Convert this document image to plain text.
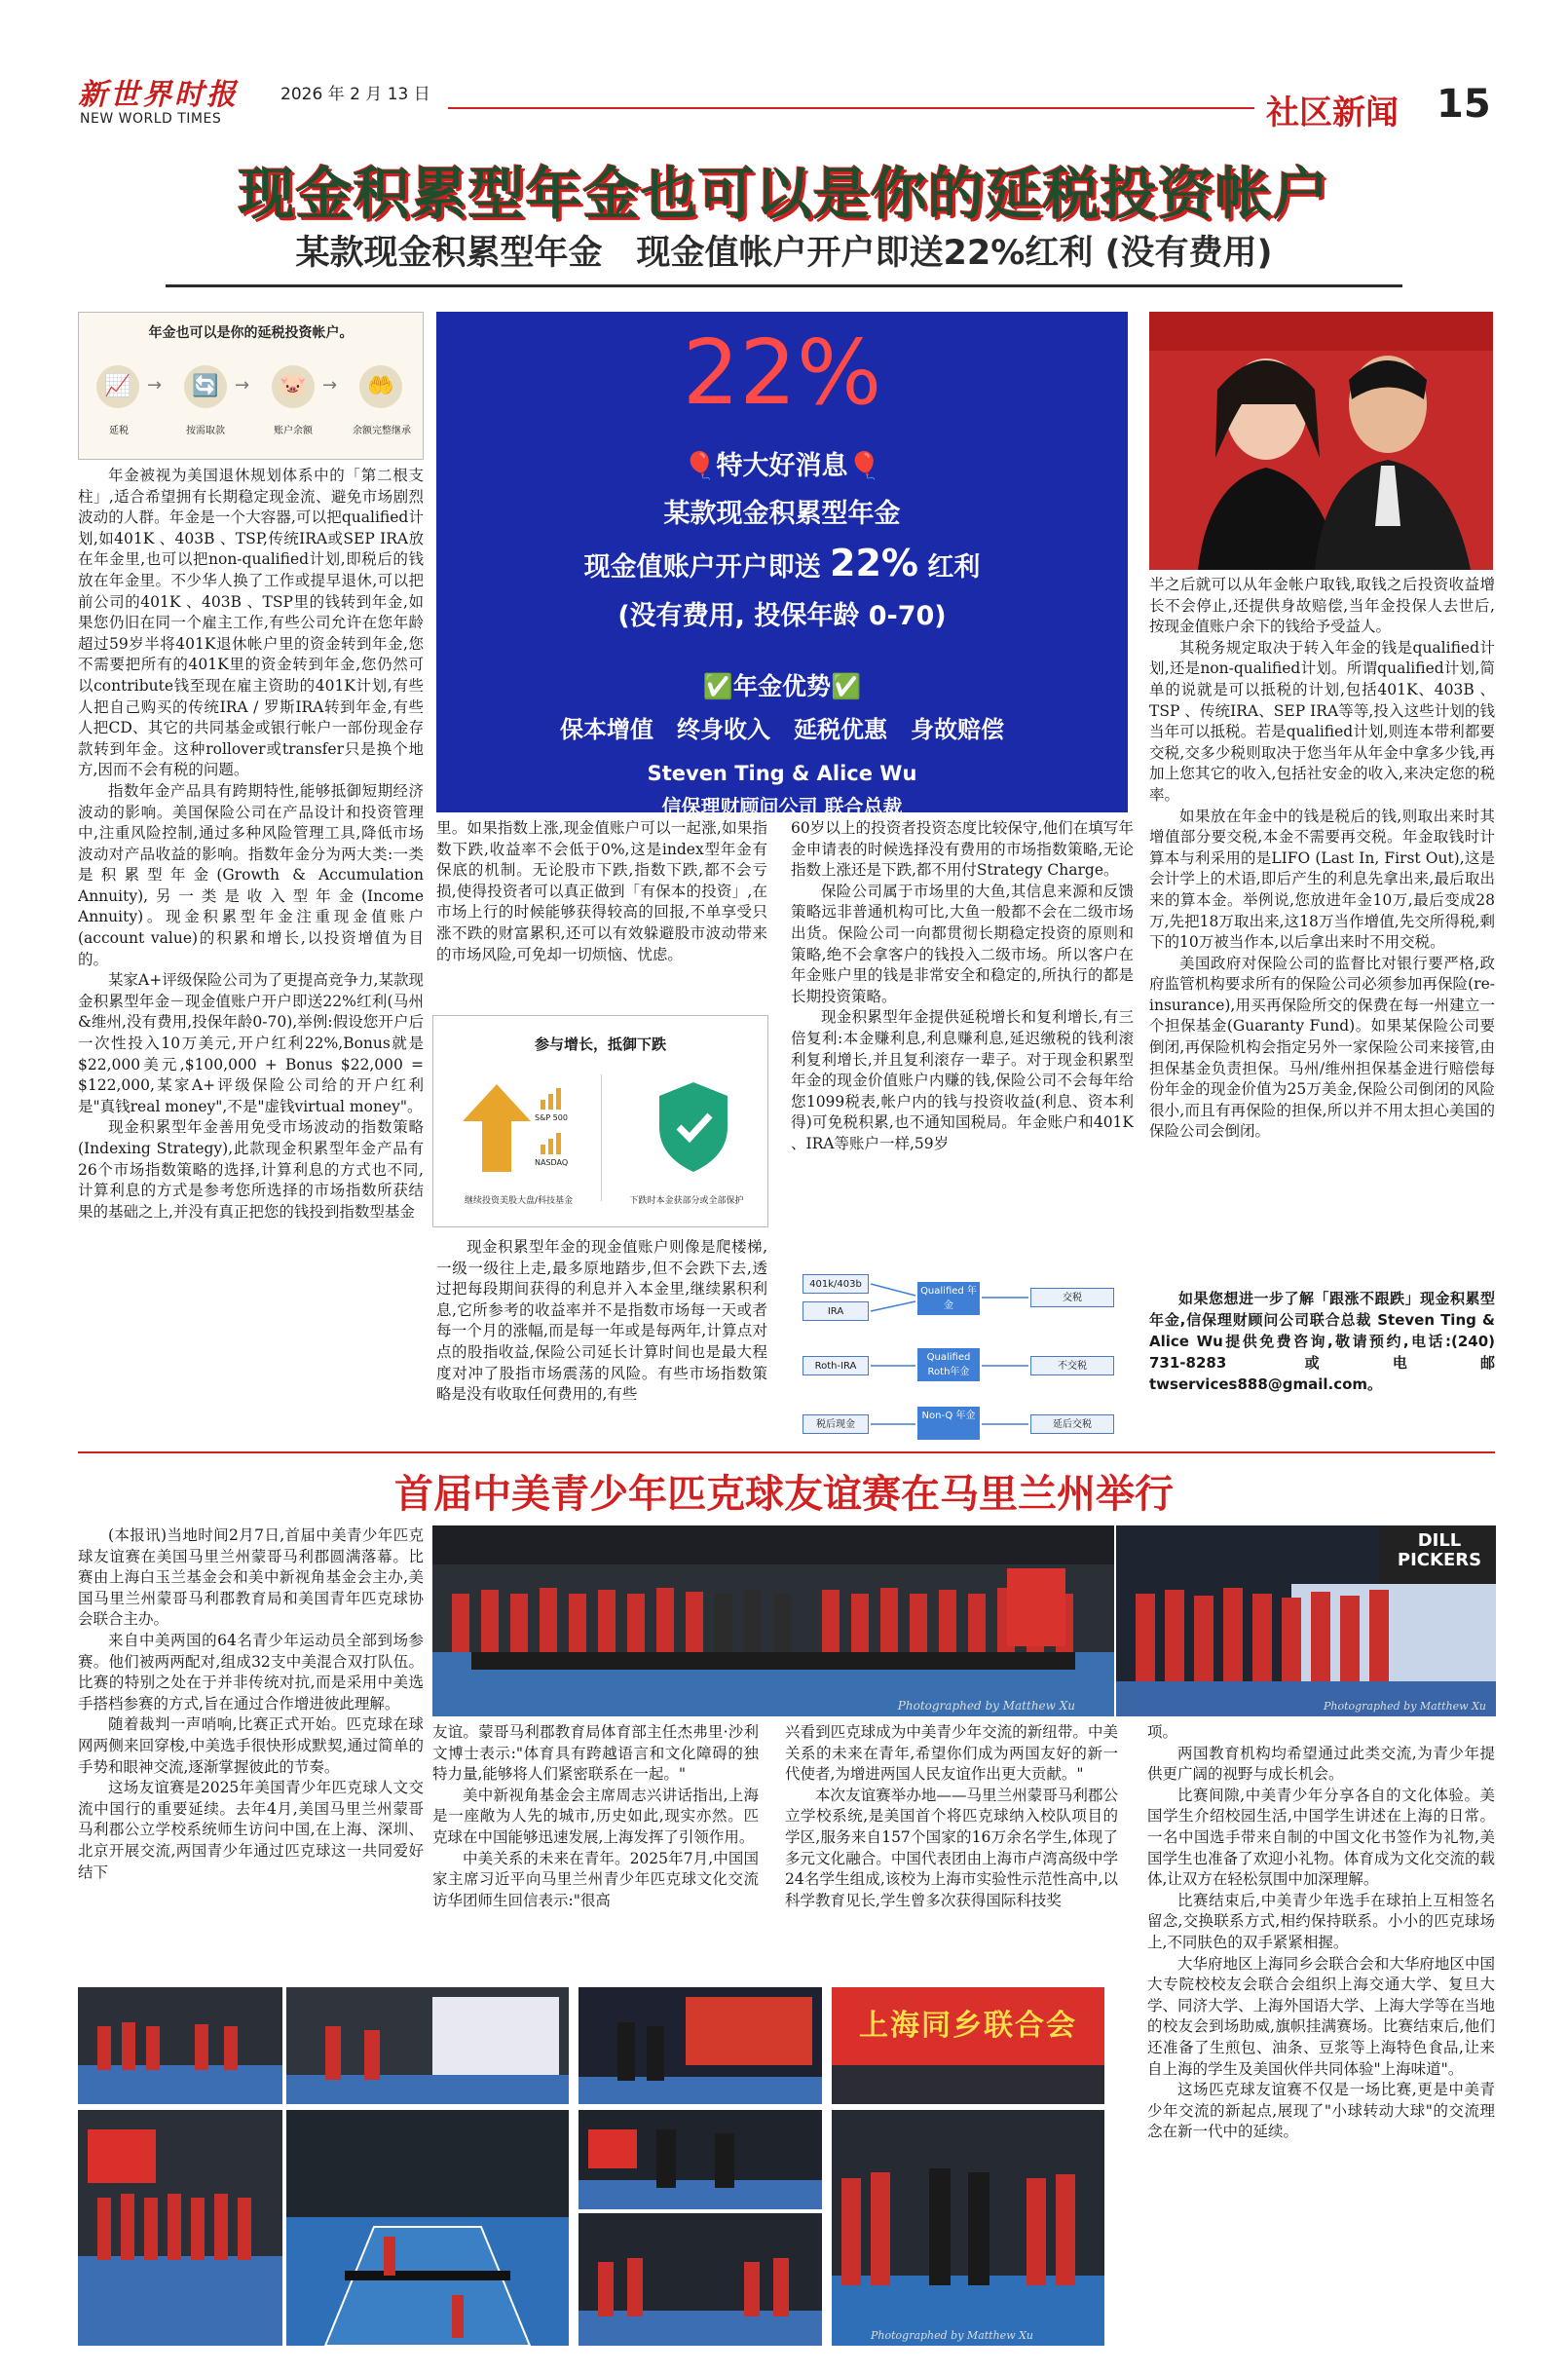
新世界时报	2026 年 2 月 13 日
NEW WORLD TIMES	社区新闻 15
现金积累型年金也可以是你的延税投资帐户
某款现金积累型年金　现金值帐户开户即送22%红利 (没有费用)
年金也可以是你的延税投资帐户。
📈	🔄	🐷	🤲
→	→	→
延税	按需取款	账户余额	余额完整继承
22%
🎈特大好消息🎈
某款现金积累型年金
现金值账户开户即送 22% 红利
(没有费用, 投保年龄 0-70)
✅年金优势✅
保本增值　终身收入　延税优惠　身故赔偿
Steven Ting & Alice Wu
信保理财顾问公司 联合总裁
免费咨询 (240) 731-8283

年金被视为美国退休规划体系中的「第二根支柱」,适合希望拥有长期稳定现金流、避免市场剧烈波动的人群。年金是一个大容器,可以把qualified计划,如401K 、403B 、TSP,传统IRA或SEP IRA放在年金里,也可以把non-qualified计划,即税后的钱放在年金里。不少华人换了工作或提早退休,可以把前公司的401K 、403B 、TSP里的钱转到年金,如果您仍旧在同一个雇主工作,有些公司允许在您年龄超过59岁半将401K退休帐户里的资金转到年金,您不需要把所有的401K里的资金转到年金,您仍然可以contribute钱至现在雇主资助的401K计划,有些人把自己购买的传统IRA / 罗斯IRA转到年金,有些人把CD、其它的共同基金或银行帐户一部份现金存款转到年金。这种rollover或transfer只是换个地方,因而不会有税的问题。

指数年金产品具有跨期特性,能够抵御短期经济波动的影响。美国保险公司在产品设计和投资管理中,注重风险控制,通过多种风险管理工具,降低市场波动对产品收益的影响。指数年金分为两大类:一类是积累型年金(Growth & Accumulation Annuity),另一类是收入型年金(Income Annuity)。现金积累型年金注重现金值账户(account value)的积累和增长,以投资增值为目的。

某家A+评级保险公司为了更提高竞争力,某款现金积累型年金－现金值账户开户即送22%红利(马州&维州,没有费用,投保年龄0-70),举例:假设您开户后一次性投入10万美元,开户红利22%,Bonus就是$22,000美元,$100,000 + Bonus $22,000 = $122,000,某家A+评级保险公司给的开户红利是"真钱real money",不是"虚钱virtual money"。

现金积累型年金善用免受市场波动的指数策略(Indexing Strategy),此款现金积累型年金产品有26个市场指数策略的选择,计算利息的方式也不同,计算利息的方式是参考您所选择的市场指数所获结果的基础之上,并没有真正把您的钱投到指数型基金

里。如果指数上涨,现金值账户可以一起涨,如果指数下跌,收益率不会低于0%,这是index型年金有保底的机制。无论股市下跌,指数下跌,都不会亏损,使得投资者可以真正做到「有保本的投资」,在市场上行的时候能够获得较高的回报,不单享受只涨不跌的财富累积,还可以有效躲避股市波动带来的市场风险,可免却一切烦恼、忧虑。

参与增长，抵御下跌
S&P 500
NASDAQ
继续投资美股大盘/科技基金	下跌时本金获部分或全部保护

现金积累型年金的现金值账户则像是爬楼梯,一级一级往上走,最多原地踏步,但不会跌下去,透过把每段期间获得的利息并入本金里,继续累积利息,它所参考的收益率并不是指数市场每一天或者每一个月的涨幅,而是每一年或是每两年,计算点对点的股指收益,保险公司延长计算时间也是最大程度对冲了股指市场震荡的风险。有些市场指数策略是没有收取任何费用的,有些

60岁以上的投资者投资态度比较保守,他们在填写年金申请表的时候选择没有费用的市场指数策略,无论指数上涨还是下跌,都不用付Strategy Charge。

保险公司属于市场里的大鱼,其信息来源和反馈策略远非普通机构可比,大鱼一般都不会在二级市场出货。保险公司一向都贯彻长期稳定投资的原则和策略,绝不会拿客户的钱投入二级市场。所以客户在年金账户里的钱是非常安全和稳定的,所执行的都是长期投资策略。

现金积累型年金提供延税增长和复利增长,有三倍复利:本金赚利息,利息赚利息,延迟缴税的钱利滚利复利增长,并且复利滚存一辈子。对于现金积累型年金的现金价值账户内赚的钱,保险公司不会每年给您1099税表,帐户内的钱与投资收益(利息、资本利得)可免税积累,也不通知国税局。年金账户和401K 、IRA等账户一样,59岁

401k/403b
IRA
Roth-IRA
税后现金
Qualified 年金
Qualified Roth年金
Non-Q 年金
交税
不交税
延后交税

半之后就可以从年金帐户取钱,取钱之后投资收益增长不会停止,还提供身故赔偿,当年金投保人去世后,按现金值账户余下的钱给予受益人。

其税务规定取决于转入年金的钱是qualified计划,还是non-qualified计划。所谓qualified计划,简单的说就是可以抵税的计划,包括401K、403B 、TSP 、传统IRA、SEP IRA等等,投入这些计划的钱当年可以抵税。若是qualified计划,则连本带利都要交税,交多少税则取决于您当年从年金中拿多少钱,再加上您其它的收入,包括社安金的收入,来决定您的税率。

如果放在年金中的钱是税后的钱,则取出来时其增值部分要交税,本金不需要再交税。年金取钱时计算本与利采用的是LIFO (Last In, First Out),这是会计学上的术语,即后产生的利息先拿出来,最后取出来的算本金。举例说,您放进年金10万,最后变成28万,先把18万取出来,这18万当作增值,先交所得税,剩下的10万被当作本,以后拿出来时不用交税。

美国政府对保险公司的监督比对银行要严格,政府监管机构要求所有的保险公司必须参加再保险(re-insurance),用买再保险所交的保费在每一州建立一个担保基金(Guaranty Fund)。如果某保险公司要倒闭,再保险机构会指定另外一家保险公司来接管,由担保基金负责担保。马州/维州担保基金进行赔偿每份年金的现金价值为25万美金,保险公司倒闭的风险很小,而且有再保险的担保,所以并不用太担心美国的保险公司会倒闭。

如果您想进一步了解「跟涨不跟跌」现金积累型年金,信保理财顾问公司联合总裁 Steven Ting & Alice Wu提供免费咨询,敬请预约,电话:(240) 731-8283 或电邮 twservices888@gmail.com。

首届中美青少年匹克球友谊赛在马里兰州举行
Photographed by Matthew Xu
DILL PICKERS
Photographed by Matthew Xu

(本报讯)当地时间2月7日,首届中美青少年匹克球友谊赛在美国马里兰州蒙哥马利郡圆满落幕。比赛由上海白玉兰基金会和美中新视角基金会主办,美国马里兰州蒙哥马利郡教育局和美国青年匹克球协会联合主办。

来自中美两国的64名青少年运动员全部到场参赛。他们被两两配对,组成32支中美混合双打队伍。比赛的特别之处在于并非传统对抗,而是采用中美选手搭档参赛的方式,旨在通过合作增进彼此理解。

随着裁判一声哨响,比赛正式开始。匹克球在球网两侧来回穿梭,中美选手很快形成默契,通过简单的手势和眼神交流,逐渐掌握彼此的节奏。

这场友谊赛是2025年美国青少年匹克球人文交流中国行的重要延续。去年4月,美国马里兰州蒙哥马利郡公立学校系统师生访问中国,在上海、深圳、北京开展交流,两国青少年通过匹克球这一共同爱好结下

友谊。蒙哥马利郡教育局体育部主任杰弗里·沙利文博士表示:"体育具有跨越语言和文化障碍的独特力量,能够将人们紧密联系在一起。"

美中新视角基金会主席周志兴讲话指出,上海是一座敞为人先的城市,历史如此,现实亦然。匹克球在中国能够迅速发展,上海发挥了引领作用。

中美关系的未来在青年。2025年7月,中国国家主席习近平向马里兰州青少年匹克球文化交流访华团师生回信表示:"很高

兴看到匹克球成为中美青少年交流的新纽带。中美关系的未来在青年,希望你们成为两国友好的新一代使者,为增进两国人民友谊作出更大贡献。"

本次友谊赛举办地——马里兰州蒙哥马利郡公立学校系统,是美国首个将匹克球纳入校队项目的学区,服务来自157个国家的16万余名学生,体现了多元文化融合。中国代表团由上海市卢湾高级中学24名学生组成,该校为上海市实验性示范性高中,以科学教育见长,学生曾多次获得国际科技奖

项。

两国教育机构均希望通过此类交流,为青少年提供更广阔的视野与成长机会。

比赛间隙,中美青少年分享各自的文化体验。美国学生介绍校园生活,中国学生讲述在上海的日常。一名中国选手带来自制的中国文化书签作为礼物,美国学生也准备了欢迎小礼物。体育成为文化交流的载体,让双方在轻松氛围中加深理解。

比赛结束后,中美青少年选手在球拍上互相签名留念,交换联系方式,相约保持联系。小小的匹克球场上,不同肤色的双手紧紧相握。

大华府地区上海同乡会联合会和大华府地区中国大专院校校友会联合会组织上海交通大学、复旦大学、同济大学、上海外国语大学、上海大学等在当地的校友会到场助威,旗帜挂满赛场。比赛结束后,他们还准备了生煎包、油条、豆浆等上海特色食品,让来自上海的学生及美国伙伴共同体验"上海味道"。

这场匹克球友谊赛不仅是一场比赛,更是中美青少年交流的新起点,展现了"小球转动大球"的交流理念在新一代中的延续。

上海同乡联合会
Photographed by Matthew Xu
